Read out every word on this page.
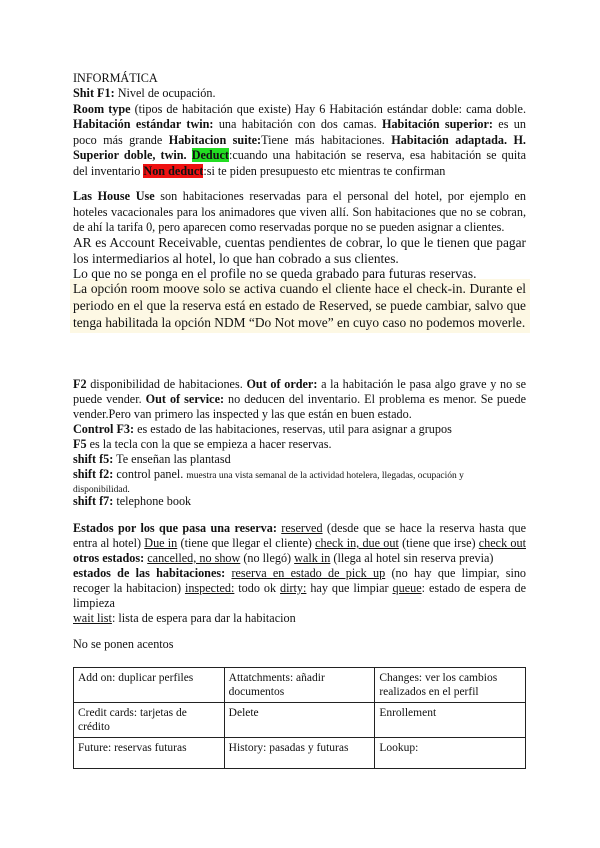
INFORMÁTICA
Shit F1: Nivel de ocupación.
Room type (tipos de habitación que existe) Hay 6 Habitación estándar doble: cama doble.
Habitación estándar twin: una habitación con dos camas. Habitación superior: es un
poco más grande Habitacion suite:Tiene más habitaciones. Habitación adaptada. H.
Superior doble, twin. Deduct:cuando una habitación se reserva, esa habitación se quita
del inventario Non deduct:si te piden presupuesto etc mientras te confirman
Las House Use son habitaciones reservadas para el personal del hotel, por ejemplo en
hoteles vacacionales para los animadores que viven allí. Son habitaciones que no se cobran,
de ahí la tarifa 0, pero aparecen como reservadas porque no se pueden asignar a clientes.
AR es Account Receivable, cuentas pendientes de cobrar, lo que le tienen que pagar
los intermediarios al hotel, lo que han cobrado a sus clientes.
Lo que no se ponga en el profile no se queda grabado para futuras reservas.
La opción room moove solo se activa cuando el cliente hace el check-in. Durante el
periodo en el que la reserva está en estado de Reserved, se puede cambiar, salvo que
tenga habilitada la opción NDM “Do Not move” en cuyo caso no podemos moverle.
F2 disponibilidad de habitaciones. Out of order: a la habitación le pasa algo grave y no se
puede vender. Out of service: no deducen del inventario. El problema es menor. Se puede
vender.Pero van primero las inspected y las que están en buen estado.
Control F3: es estado de las habitaciones, reservas, util para asignar a grupos
F5 es la tecla con la que se empieza a hacer reservas.
shift f5: Te enseñan las plantasd
shift f2: control panel. muestra una vista semanal de la actividad hotelera, llegadas, ocupación y
disponibilidad.
shift f7: telephone book
Estados por los que pasa una reserva: reserved (desde que se hace la reserva hasta que
entra al hotel) Due in (tiene que llegar el cliente) check in, due out (tiene que irse) check out
otros estados: cancelled, no show (no llegó) walk in (llega al hotel sin reserva previa)
estados de las habitaciones: reserva en estado de pick up (no hay que limpiar, sino
recoger la habitacion) inspected: todo ok dirty: hay que limpiar queue: estado de espera de
limpieza
wait list: lista de espera para dar la habitacion
No se ponen acentos
Add on: duplicar perfiles	Attatchments: añadir documentos	Changes: ver los cambios realizados en el perfil
Credit cards: tarjetas de crédito	Delete	Enrollement
Future: reservas futuras	History: pasadas y futuras	Lookup:
